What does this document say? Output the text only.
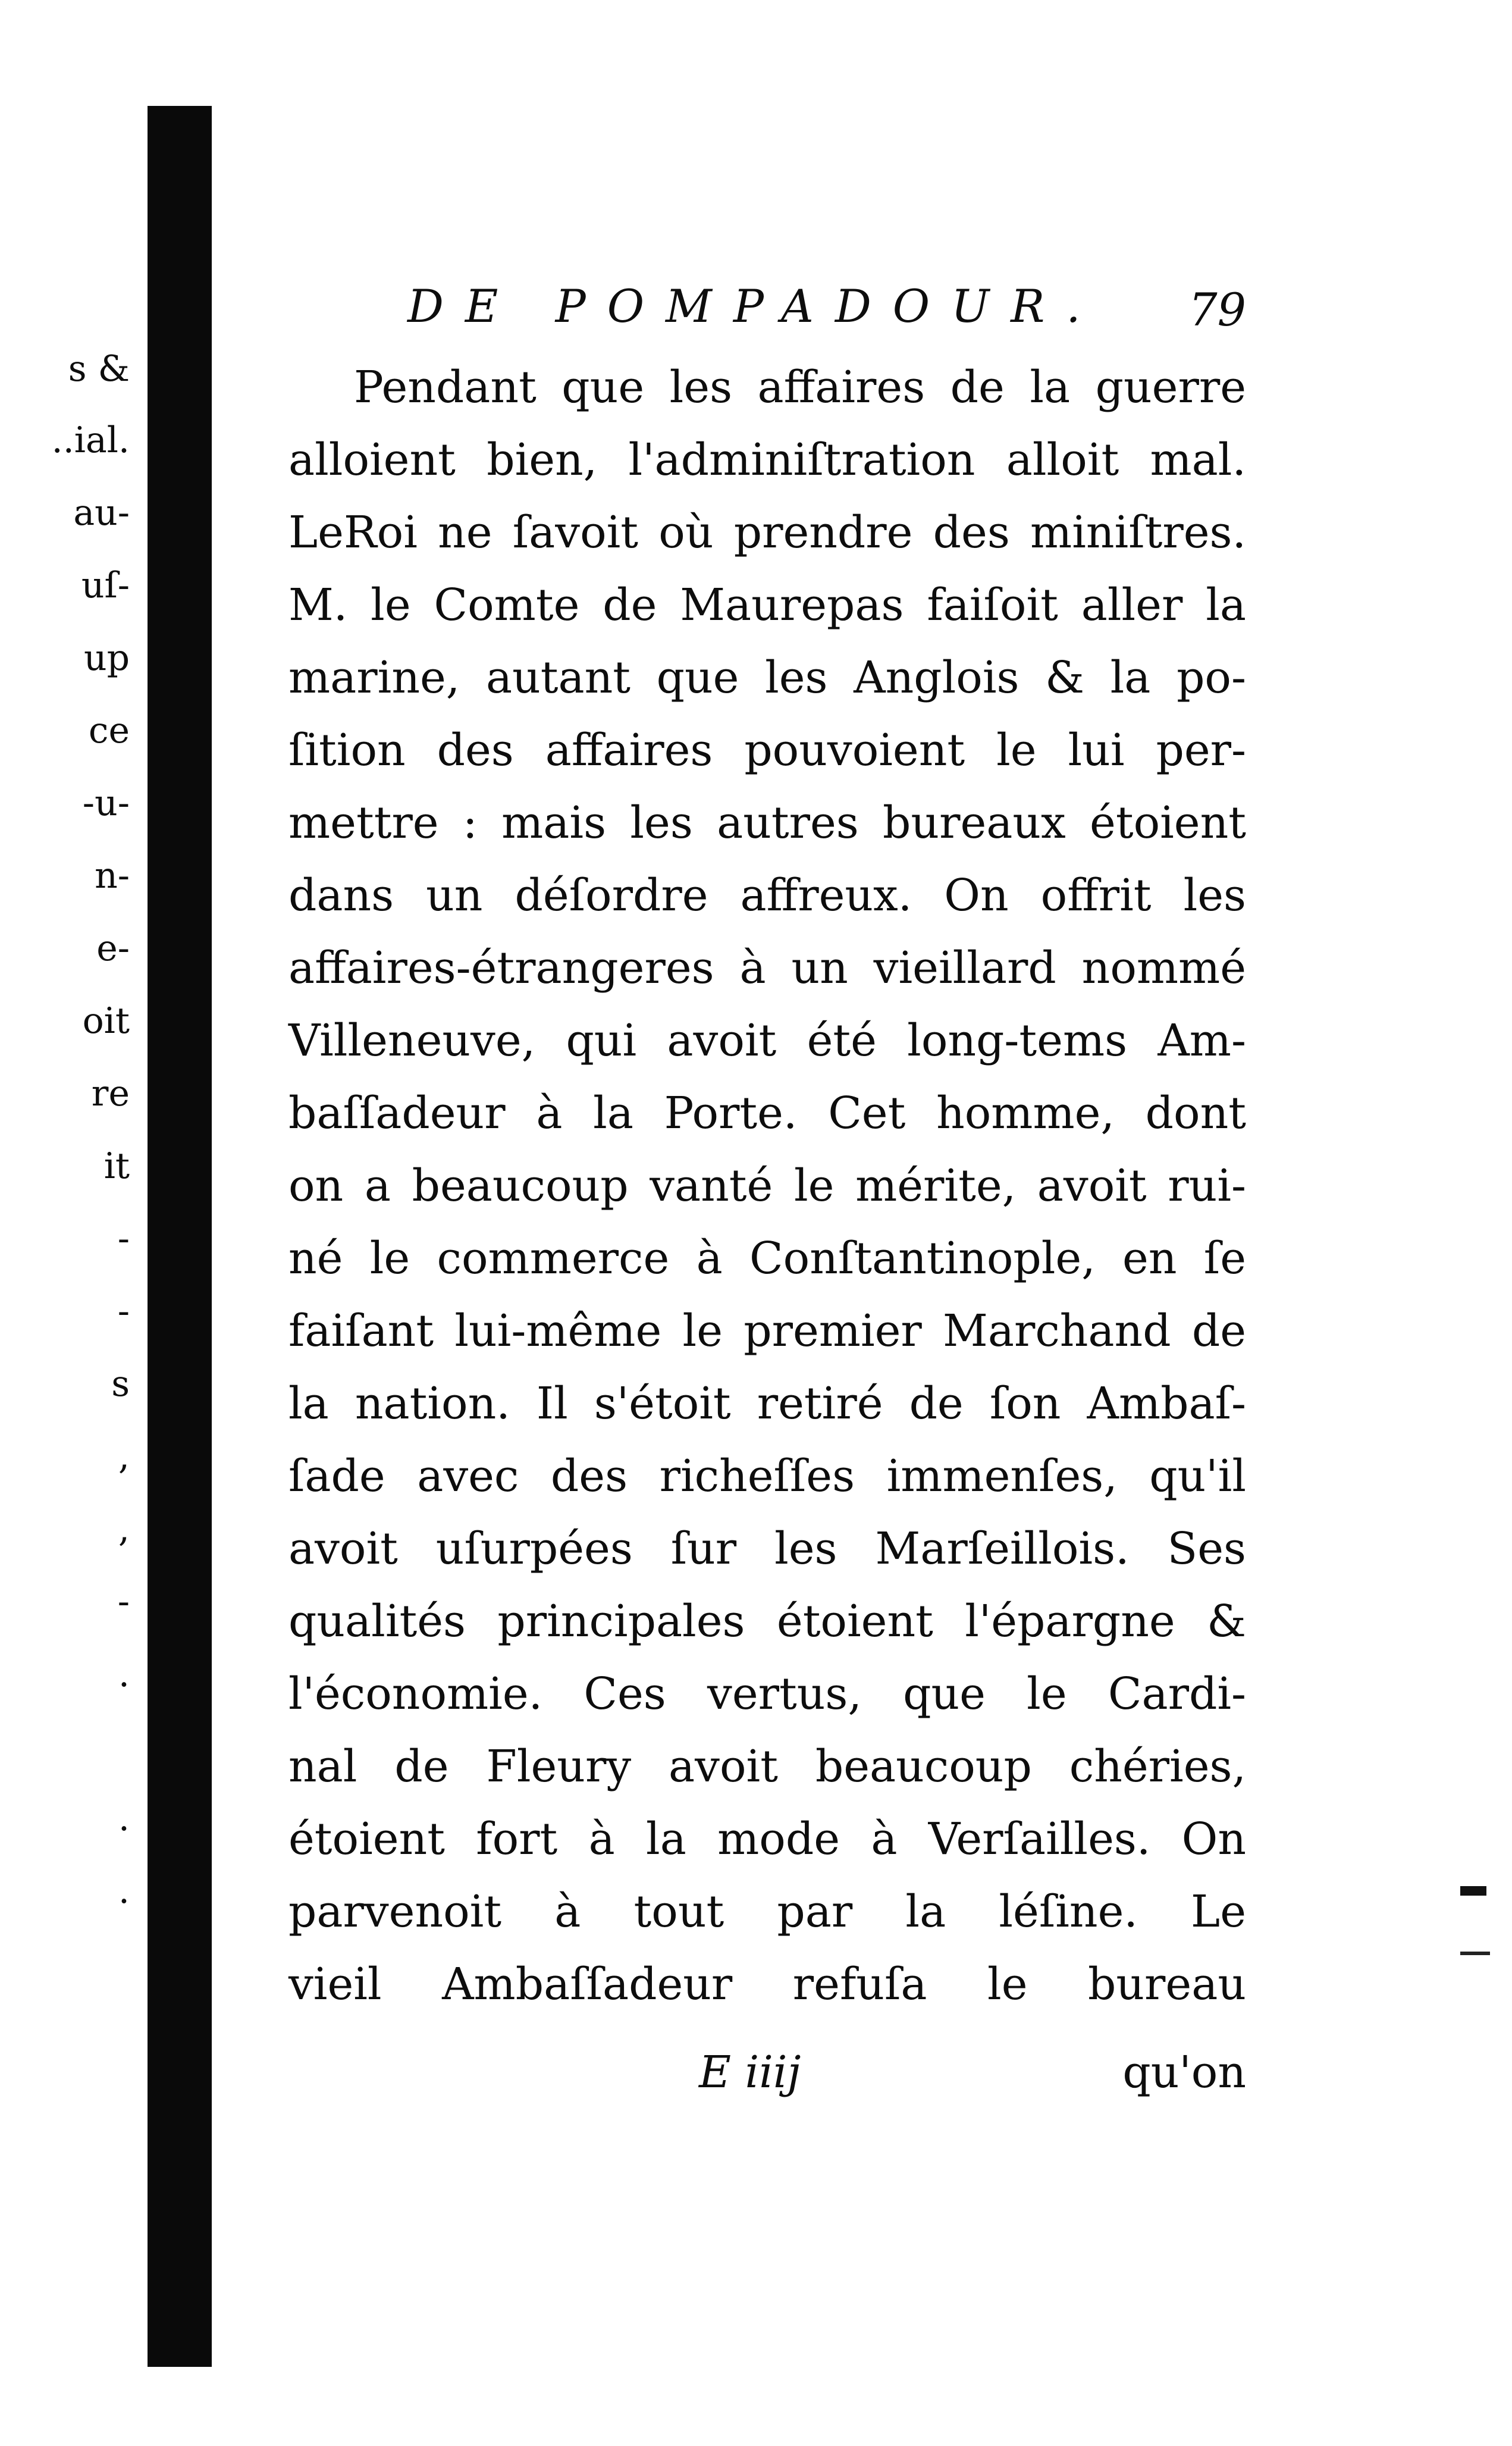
s &
..ial.
au-
uſ-
up
ce
-u-
n-
e-
oit
re
it
-
-
s
,
,
-
.
.
.
DE POMPADOUR. 79
Pendant que les affaires de la guerre
alloient bien, l'adminiſtration alloit mal.
LeRoi ne ſavoit où prendre des miniſtres.
M. le Comte de Maurepas faiſoit aller la
marine, autant que les Anglois & la po-
ſition des affaires pouvoient le lui per-
mettre : mais les autres bureaux étoient
dans un déſordre affreux. On offrit les
affaires-étrangeres à un vieillard nommé
Villeneuve, qui avoit été long-tems Am-
baſſadeur à la Porte. Cet homme, dont
on a beaucoup vanté le mérite, avoit rui-
né le commerce à Conſtantinople, en ſe
faiſant lui-même le premier Marchand de
la nation. Il s'étoit retiré de ſon Ambaſ-
ſade avec des richeſſes immenſes, qu'il
avoit uſurpées ſur les Marſeillois. Ses
qualités principales étoient l'épargne &
l'économie. Ces vertus, que le Cardi-
nal de Fleury avoit beaucoup chéries,
étoient fort à la mode à Verſailles. On
parvenoit à tout par la léſine. Le
vieil Ambaſſadeur refuſa le bureau
E iiij	qu'on
